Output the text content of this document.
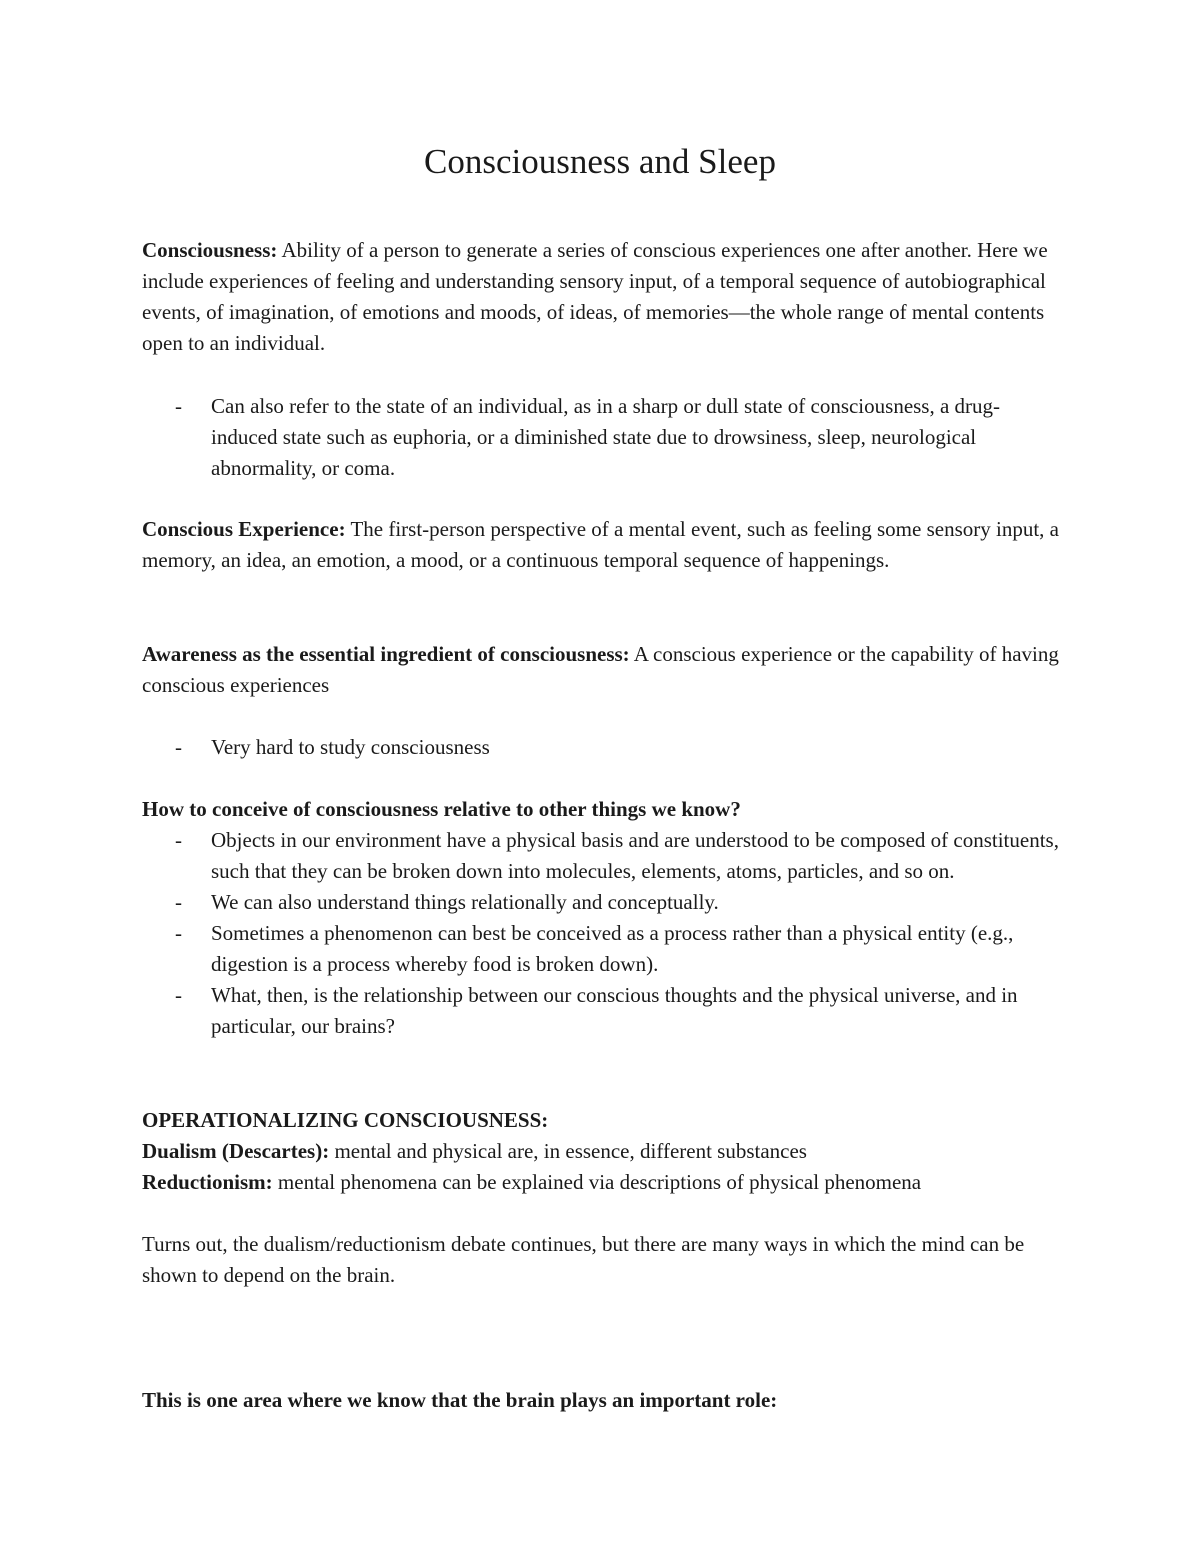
Consciousness and Sleep

Consciousness: Ability of a person to generate a series of conscious experiences one after another. Here we include experiences of feeling and understanding sensory input, of a temporal sequence of autobiographical events, of imagination, of emotions and moods, of ideas, of memories—the whole range of mental contents open to an individual.

- Can also refer to the state of an individual, as in a sharp or dull state of consciousness, a drug-induced state such as euphoria, or a diminished state due to drowsiness, sleep, neurological abnormality, or coma.

Conscious Experience: The first-person perspective of a mental event, such as feeling some sensory input, a memory, an idea, an emotion, a mood, or a continuous temporal sequence of happenings.

Awareness as the essential ingredient of consciousness: A conscious experience or the capability of having conscious experiences

- Very hard to study consciousness

How to conceive of consciousness relative to other things we know?

- Objects in our environment have a physical basis and are understood to be composed of constituents, such that they can be broken down into molecules, elements, atoms, particles, and so on.
- We can also understand things relationally and conceptually.
- Sometimes a phenomenon can best be conceived as a process rather than a physical entity (e.g., digestion is a process whereby food is broken down).
- What, then, is the relationship between our conscious thoughts and the physical universe, and in particular, our brains?
OPERATIONALIZING CONSCIOUSNESS:
Dualism (Descartes): mental and physical are, in essence, different substances
Reductionism: mental phenomena can be explained via descriptions of physical phenomena

Turns out, the dualism/reductionism debate continues, but there are many ways in which the mind can be shown to depend on the brain.

This is one area where we know that the brain plays an important role:
